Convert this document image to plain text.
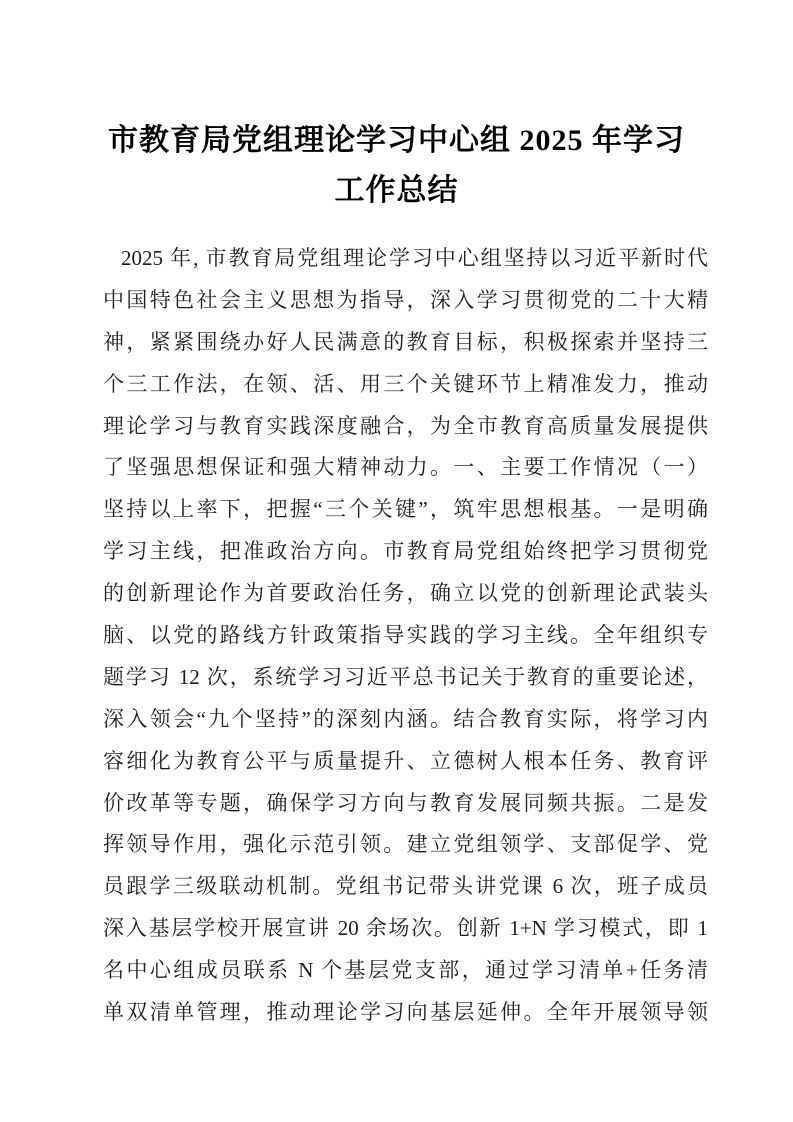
市教育局党组理论学习中心组 2025 年学习
工作总结
2025 年, 市教育局党组理论学习中心组坚持以习近平新时代
中国特色社会主义思想为指导，深入学习贯彻党的二十大精
神，紧紧围绕办好人民满意的教育目标，积极探索并坚持三
个三工作法，在领、活、用三个关键环节上精准发力，推动
理论学习与教育实践深度融合，为全市教育高质量发展提供
了坚强思想保证和强大精神动力。一、主要工作情况（一）
坚持以上率下，把握“三个关键”，筑牢思想根基。一是明确
学习主线，把准政治方向。市教育局党组始终把学习贯彻党
的创新理论作为首要政治任务，确立以党的创新理论武装头
脑、以党的路线方针政策指导实践的学习主线。全年组织专
题学习 12 次，系统学习习近平总书记关于教育的重要论述，
深入领会“九个坚持”的深刻内涵。结合教育实际，将学习内
容细化为教育公平与质量提升、立德树人根本任务、教育评
价改革等专题，确保学习方向与教育发展同频共振。二是发
挥领导作用，强化示范引领。建立党组领学、支部促学、党
员跟学三级联动机制。党组书记带头讲党课 6 次，班子成员
深入基层学校开展宣讲 20 余场次。创新 1+N 学习模式，即 1
名中心组成员联系 N 个基层党支部，通过学习清单+任务清
单双清单管理，推动理论学习向基层延伸。全年开展领导领
